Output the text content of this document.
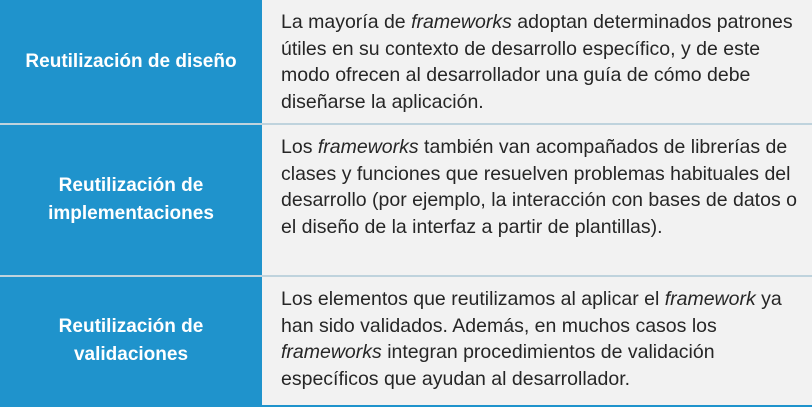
Reutilización de diseño
La mayoría de frameworks adoptan determinados patrones útiles en su contexto de desarrollo específico, y de este modo ofrecen al desarrollador una guía de cómo debe diseñarse la aplicación.
Reutilización de implementaciones
Los frameworks también van acompañados de librerías de clases y funciones que resuelven problemas habituales del desarrollo (por ejemplo, la interacción con bases de datos o el diseño de la interfaz a partir de plantillas).
Reutilización de validaciones
Los elementos que reutilizamos al aplicar el framework ya han sido validados. Además, en muchos casos los frameworks integran procedimientos de validación específicos que ayudan al desarrollador.
